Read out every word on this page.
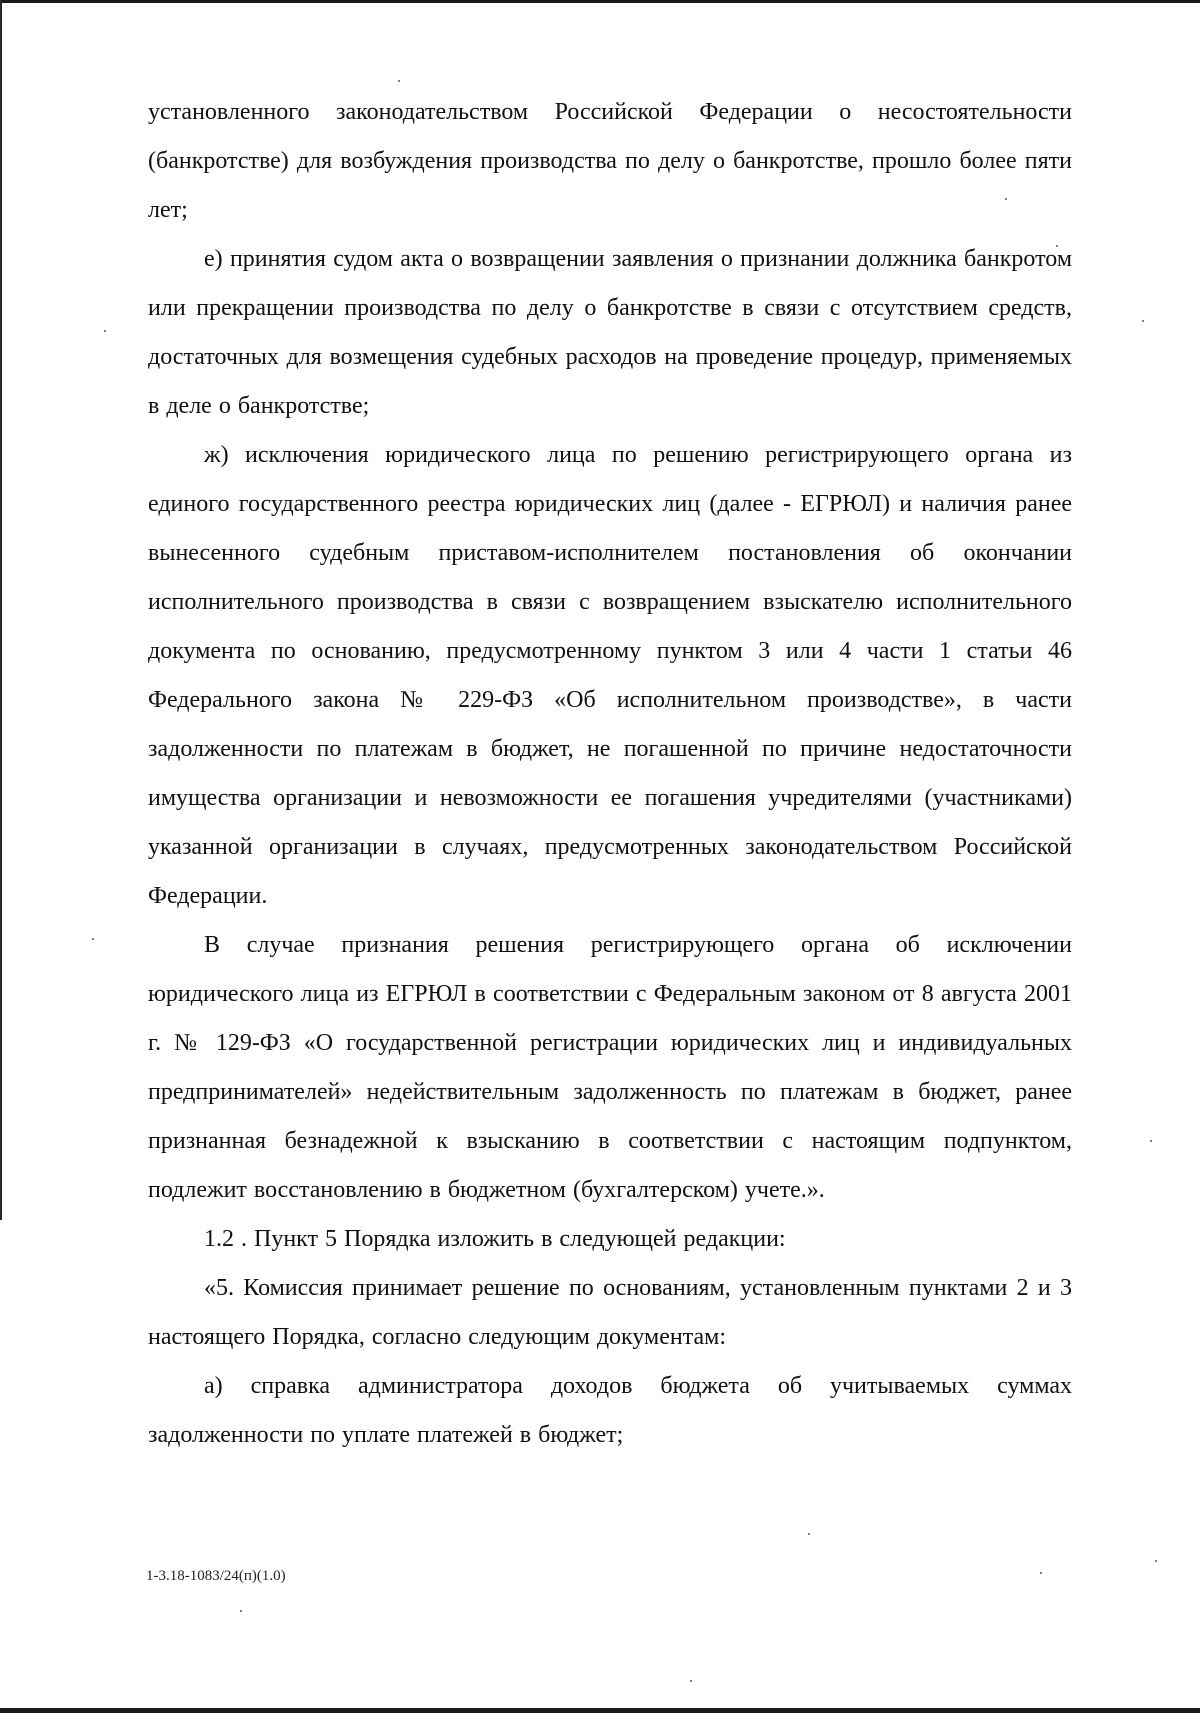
установленного законодательством Российской Федерации о несостоятельности (банкротстве) для возбуждения производства по делу о банкротстве, прошло более пяти лет;

е) принятия судом акта о возвращении заявления о признании должника банкротом или прекращении производства по делу о банкротстве в связи с отсутствием средств, достаточных для возмещения судебных расходов на проведение процедур, применяемых в деле о банкротстве;

ж) исключения юридического лица по решению регистрирующего органа из единого государственного реестра юридических лиц (далее - ЕГРЮЛ) и наличия ранее вынесенного судебным приставом-исполнителем постановления об окончании исполнительного производства в связи с возвращением взыскателю исполнительного документа по основанию, предусмотренному пунктом 3 или 4 части 1 статьи 46 Федерального закона № 229-ФЗ «Об исполнительном производстве», в части задолженности по платежам в бюджет, не погашенной по причине недостаточности имущества организации и невозможности ее погашения учредителями (участниками) указанной организации в случаях, предусмотренных законодательством Российской Федерации.

В случае признания решения регистрирующего органа об исключении юридического лица из ЕГРЮЛ в соответствии с Федеральным законом от 8 августа 2001 г. № 129-ФЗ «О государственной регистрации юридических лиц и индивидуальных предпринимателей» недействительным задолженность по платежам в бюджет, ранее признанная безнадежной к взысканию в соответствии с настоящим подпунктом, подлежит восстановлению в бюджетном (бухгалтерском) учете.».

1.2 . Пункт 5 Порядка изложить в следующей редакции:

«5. Комиссия принимает решение по основаниям, установленным пунктами 2 и 3 настоящего Порядка, согласно следующим документам:

а) справка администратора доходов бюджета об учитываемых суммах задолженности по уплате платежей в бюджет;

1-3.18-1083/24(п)(1.0)
